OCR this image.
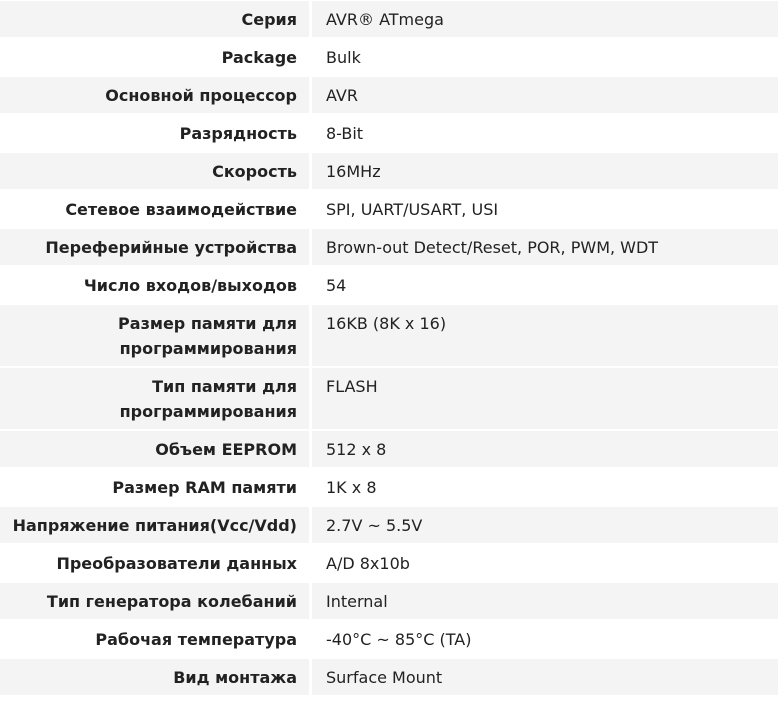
Серия		AVR® ATmega
Package		Bulk
Основной процессор		AVR
Разрядность		8-Bit
Скорость		16MHz
Сетевое взаимодействие		SPI, UART/USART, USI
Переферийные устройства		Brown-out Detect/Reset, POR, PWM, WDT
Число входов/выходов		54
Размер памяти для программирования		16KB (8K x 16)
Тип памяти для программирования		FLASH
Объем EEPROM		512 x 8
Размер RAM памяти		1K x 8
Напряжение питания(Vcc/Vdd)		2.7V ~ 5.5V
Преобразователи данных		A/D 8x10b
Тип генератора колебаний		Internal
Рабочая температура		-40°C ~ 85°C (TA)
Вид монтажа		Surface Mount
